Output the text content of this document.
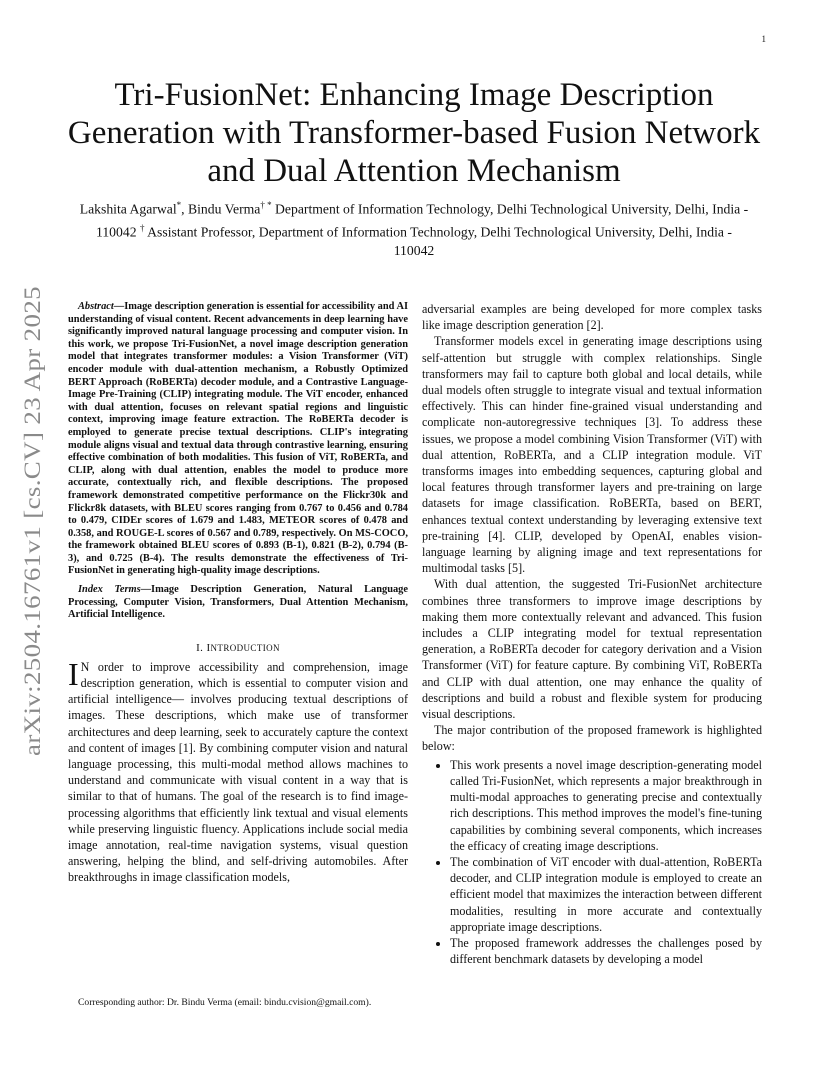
1
arXiv:2504.16761v1 [cs.CV] 23 Apr 2025
Tri-FusionNet: Enhancing Image Description Generation with Transformer-based Fusion Network and Dual Attention Mechanism
Lakshita Agarwal*, Bindu Verma† * Department of Information Technology, Delhi Technological University, Delhi, India - 110042 † Assistant Professor, Department of Information Technology, Delhi Technological University, Delhi, India - 110042

Abstract—Image description generation is essential for accessibility and AI understanding of visual content. Recent advancements in deep learning have significantly improved natural language processing and computer vision. In this work, we propose Tri-FusionNet, a novel image description generation model that integrates transformer modules: a Vision Transformer (ViT) encoder module with dual-attention mechanism, a Robustly Optimized BERT Approach (RoBERTa) decoder module, and a Contrastive Language-Image Pre-Training (CLIP) integrating module. The ViT encoder, enhanced with dual attention, focuses on relevant spatial regions and linguistic context, improving image feature extraction. The RoBERTa decoder is employed to generate precise textual descriptions. CLIP's integrating module aligns visual and textual data through contrastive learning, ensuring effective combination of both modalities. This fusion of ViT, RoBERTa, and CLIP, along with dual attention, enables the model to produce more accurate, contextually rich, and flexible descriptions. The proposed framework demonstrated competitive performance on the Flickr30k and Flickr8k datasets, with BLEU scores ranging from 0.767 to 0.456 and 0.784 to 0.479, CIDEr scores of 1.679 and 1.483, METEOR scores of 0.478 and 0.358, and ROUGE-L scores of 0.567 and 0.789, respectively. On MS-COCO, the framework obtained BLEU scores of 0.893 (B-1), 0.821 (B-2), 0.794 (B-3), and 0.725 (B-4). The results demonstrate the effectiveness of Tri-FusionNet in generating high-quality image descriptions.

Index Terms—Image Description Generation, Natural Language Processing, Computer Vision, Transformers, Dual Attention Mechanism, Artificial Intelligence.

I. INTRODUCTION

I N order to improve accessibility and comprehension, image description generation, which is essential to computer vision and artificial intelligence— involves producing textual descriptions of images. These descriptions, which make use of transformer architectures and deep learning, seek to accurately capture the context and content of images [1]. By combining computer vision and natural language processing, this multi-modal method allows machines to understand and communicate with visual content in a way that is similar to that of humans. The goal of the research is to find image-processing algorithms that efficiently link textual and visual elements while preserving linguistic fluency. Applications include social media image annotation, real-time navigation systems, visual question answering, helping the blind, and self-driving automobiles. After breakthroughs in image classification models,

Corresponding author: Dr. Bindu Verma (email: bindu.cvision@gmail.com).

adversarial examples are being developed for more complex tasks like image description generation [2].

Transformer models excel in generating image descriptions using self-attention but struggle with complex relationships. Single transformers may fail to capture both global and local details, while dual models often struggle to integrate visual and textual information effectively. This can hinder fine-grained visual understanding and complicate non-autoregressive techniques [3]. To address these issues, we propose a model combining Vision Transformer (ViT) with dual attention, RoBERTa, and a CLIP integration module. ViT transforms images into embedding sequences, capturing global and local features through transformer layers and pre-training on large datasets for image classification. RoBERTa, based on BERT, enhances textual context understanding by leveraging extensive text pre-training [4]. CLIP, developed by OpenAI, enables vision-language learning by aligning image and text representations for multimodal tasks [5].

With dual attention, the suggested Tri-FusionNet architecture combines three transformers to improve image descriptions by making them more contextually relevant and advanced. This fusion includes a CLIP integrating model for textual representation generation, a RoBERTa decoder for category derivation and a Vision Transformer (ViT) for feature capture. By combining ViT, RoBERTa and CLIP with dual attention, one may enhance the quality of descriptions and build a robust and flexible system for producing visual descriptions.

The major contribution of the proposed framework is highlighted below:

• This work presents a novel image description-generating model called Tri-FusionNet, which represents a major breakthrough in multi-modal approaches to generating precise and contextually rich descriptions. This method improves the model's fine-tuning capabilities by combining several components, which increases the efficacy of creating image descriptions.
• The combination of ViT encoder with dual-attention, RoBERTa decoder, and CLIP integration module is employed to create an efficient model that maximizes the interaction between different modalities, resulting in more accurate and contextually appropriate image descriptions.
• The proposed framework addresses the challenges posed by different benchmark datasets by developing a model
